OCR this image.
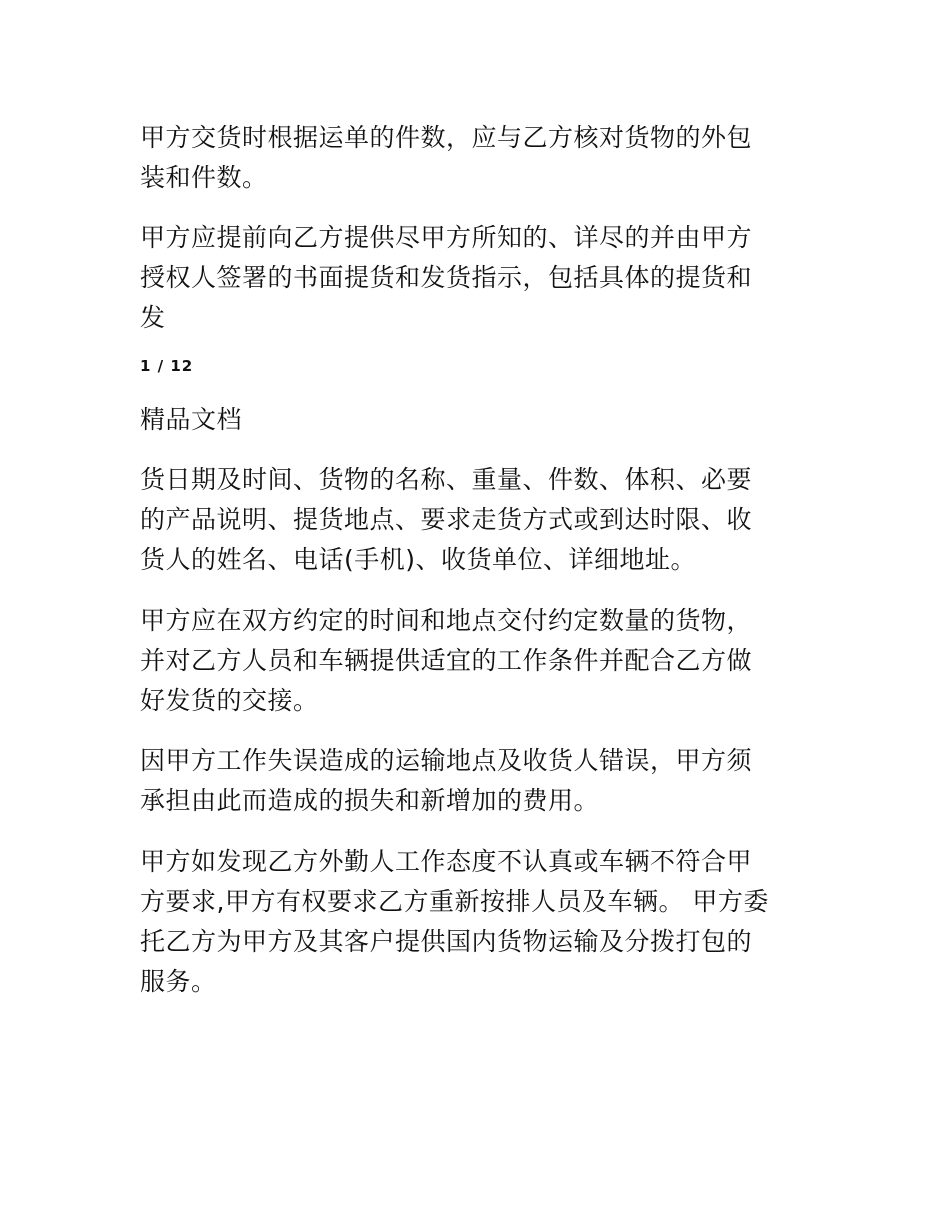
甲方交货时根据运单的件数，应与乙方核对货物的外包
装和件数。

甲方应提前向乙方提供尽甲方所知的、详尽的并由甲方
授权人签署的书面提货和发货指示，包括具体的提货和
发

1 / 12

精品文档

货日期及时间、货物的名称、重量、件数、体积、必要
的产品说明、提货地点、要求走货方式或到达时限、收
货人的姓名、电话(手机)、收货单位、详细地址。

甲方应在双方约定的时间和地点交付约定数量的货物，
并对乙方人员和车辆提供适宜的工作条件并配合乙方做
好发货的交接。

因甲方工作失误造成的运输地点及收货人错误，甲方须
承担由此而造成的损失和新增加的费用。

甲方如发现乙方外勤人工作态度不认真或车辆不符合甲
方要求,甲方有权要求乙方重新按排人员及车辆。 甲方委
托乙方为甲方及其客户提供国内货物运输及分拨打包的
服务。
